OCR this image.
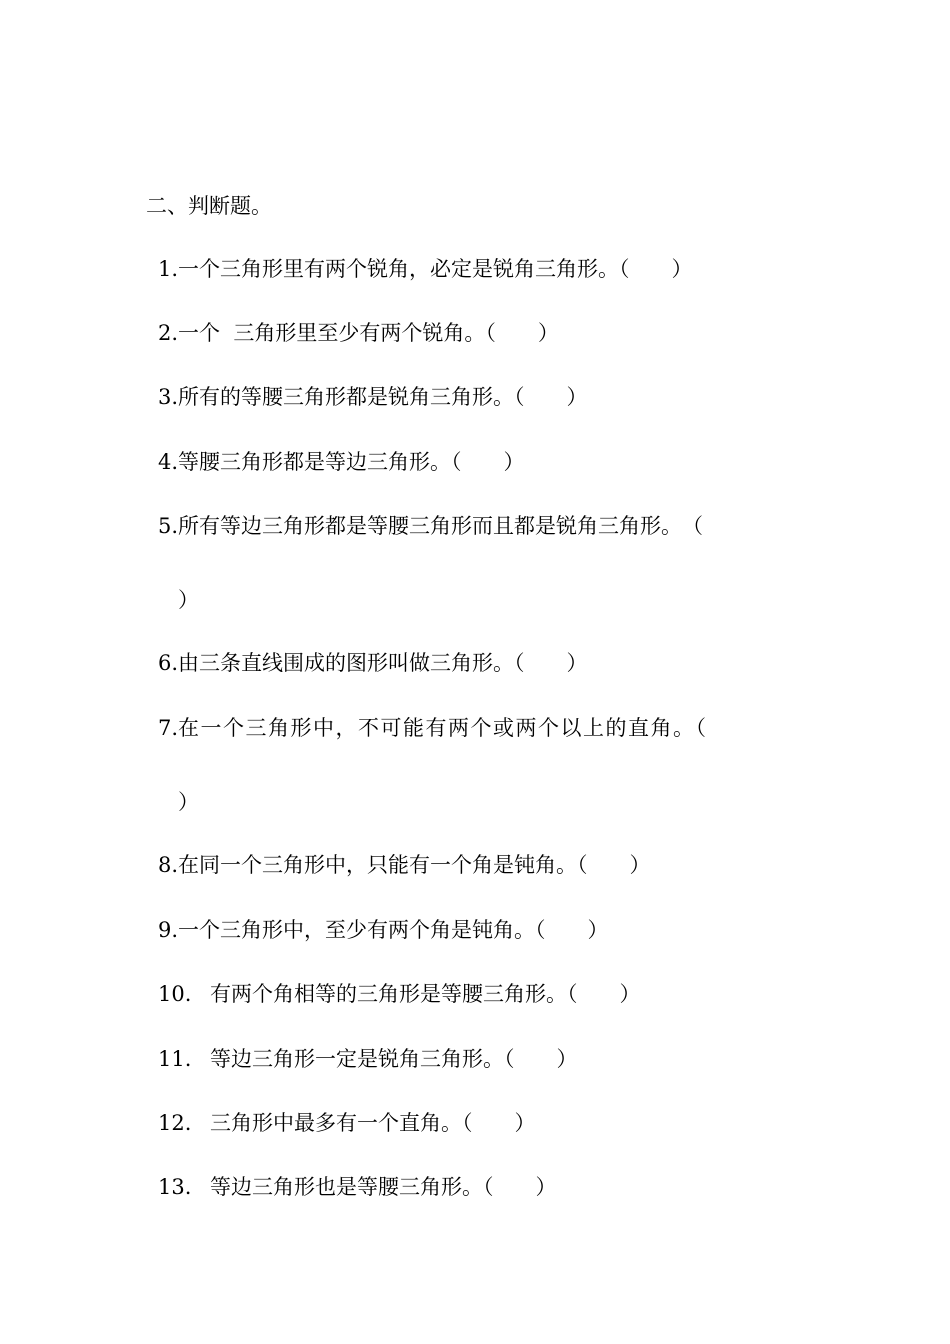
二、判断题。
1.一个三角形里有两个锐角，必定是锐角三角形。（　　）
2.一个  三角形里至少有两个锐角。（　　）
3.所有的等腰三角形都是锐角三角形。（　　）
4.等腰三角形都是等边三角形。（　　）
5.所有等边三角形都是等腰三角形而且都是锐角三角形。　（
）
6.由三条直线围成的图形叫做三角形。（　　）
7.在一个三角形中，不可能有两个或两个以上的直角。（
）
8.在同一个三角形中，只能有一个角是钝角。（　　）
9.一个三角形中，至少有两个角是钝角。（　　）
10. 有两个角相等的三角形是等腰三角形。（　　）
11. 等边三角形一定是锐角三角形。（　　）
12. 三角形中最多有一个直角。（　　）
13. 等边三角形也是等腰三角形。（　　）
